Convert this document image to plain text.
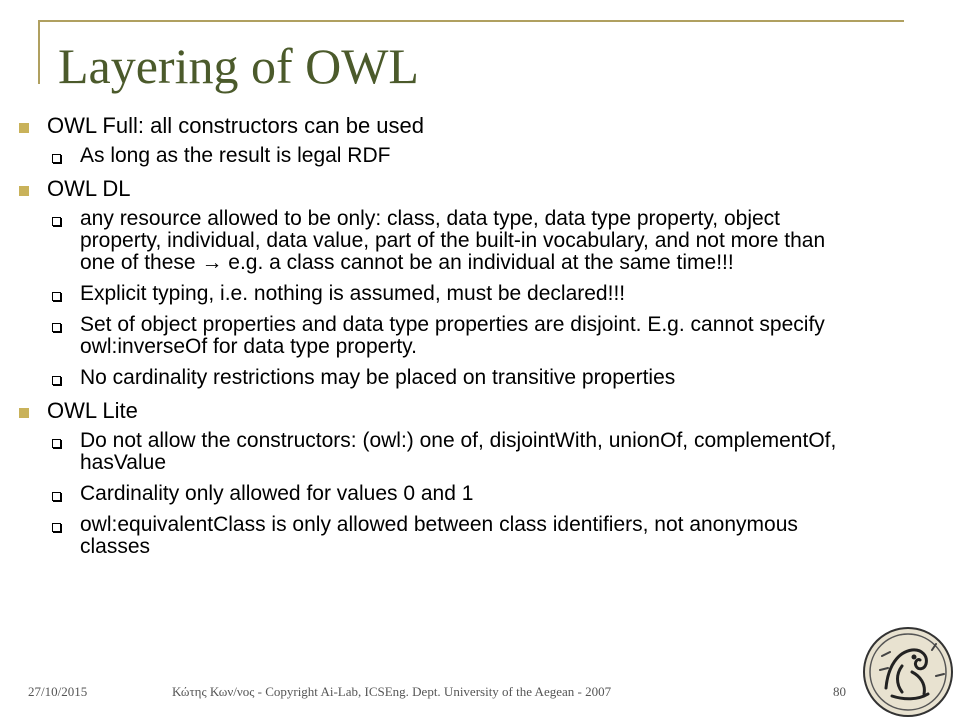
Layering of OWL
OWL Full: all constructors can be used
As long as the result is legal RDF
OWL DL
any resource allowed to be only: class, data type, data type property, object property, individual, data value, part of the built-in vocabulary, and not more than one of these → e.g. a class cannot be an individual at the same time!!!
Explicit typing, i.e. nothing is assumed, must be declared!!!
Set of object properties and data type properties are disjoint. E.g. cannot specify owl:inverseOf for data type property.
No cardinality restrictions may be placed on transitive properties
OWL Lite
Do not allow the constructors: (owl:) one of, disjointWith, unionOf, complementOf, hasValue
Cardinality only allowed for values 0 and 1
owl:equivalentClass is only allowed between class identifiers, not anonymous classes
27/10/2015	Κώτης Κων/νος - Copyright Ai-Lab, ICSEng. Dept. University of the Aegean - 2007	80
